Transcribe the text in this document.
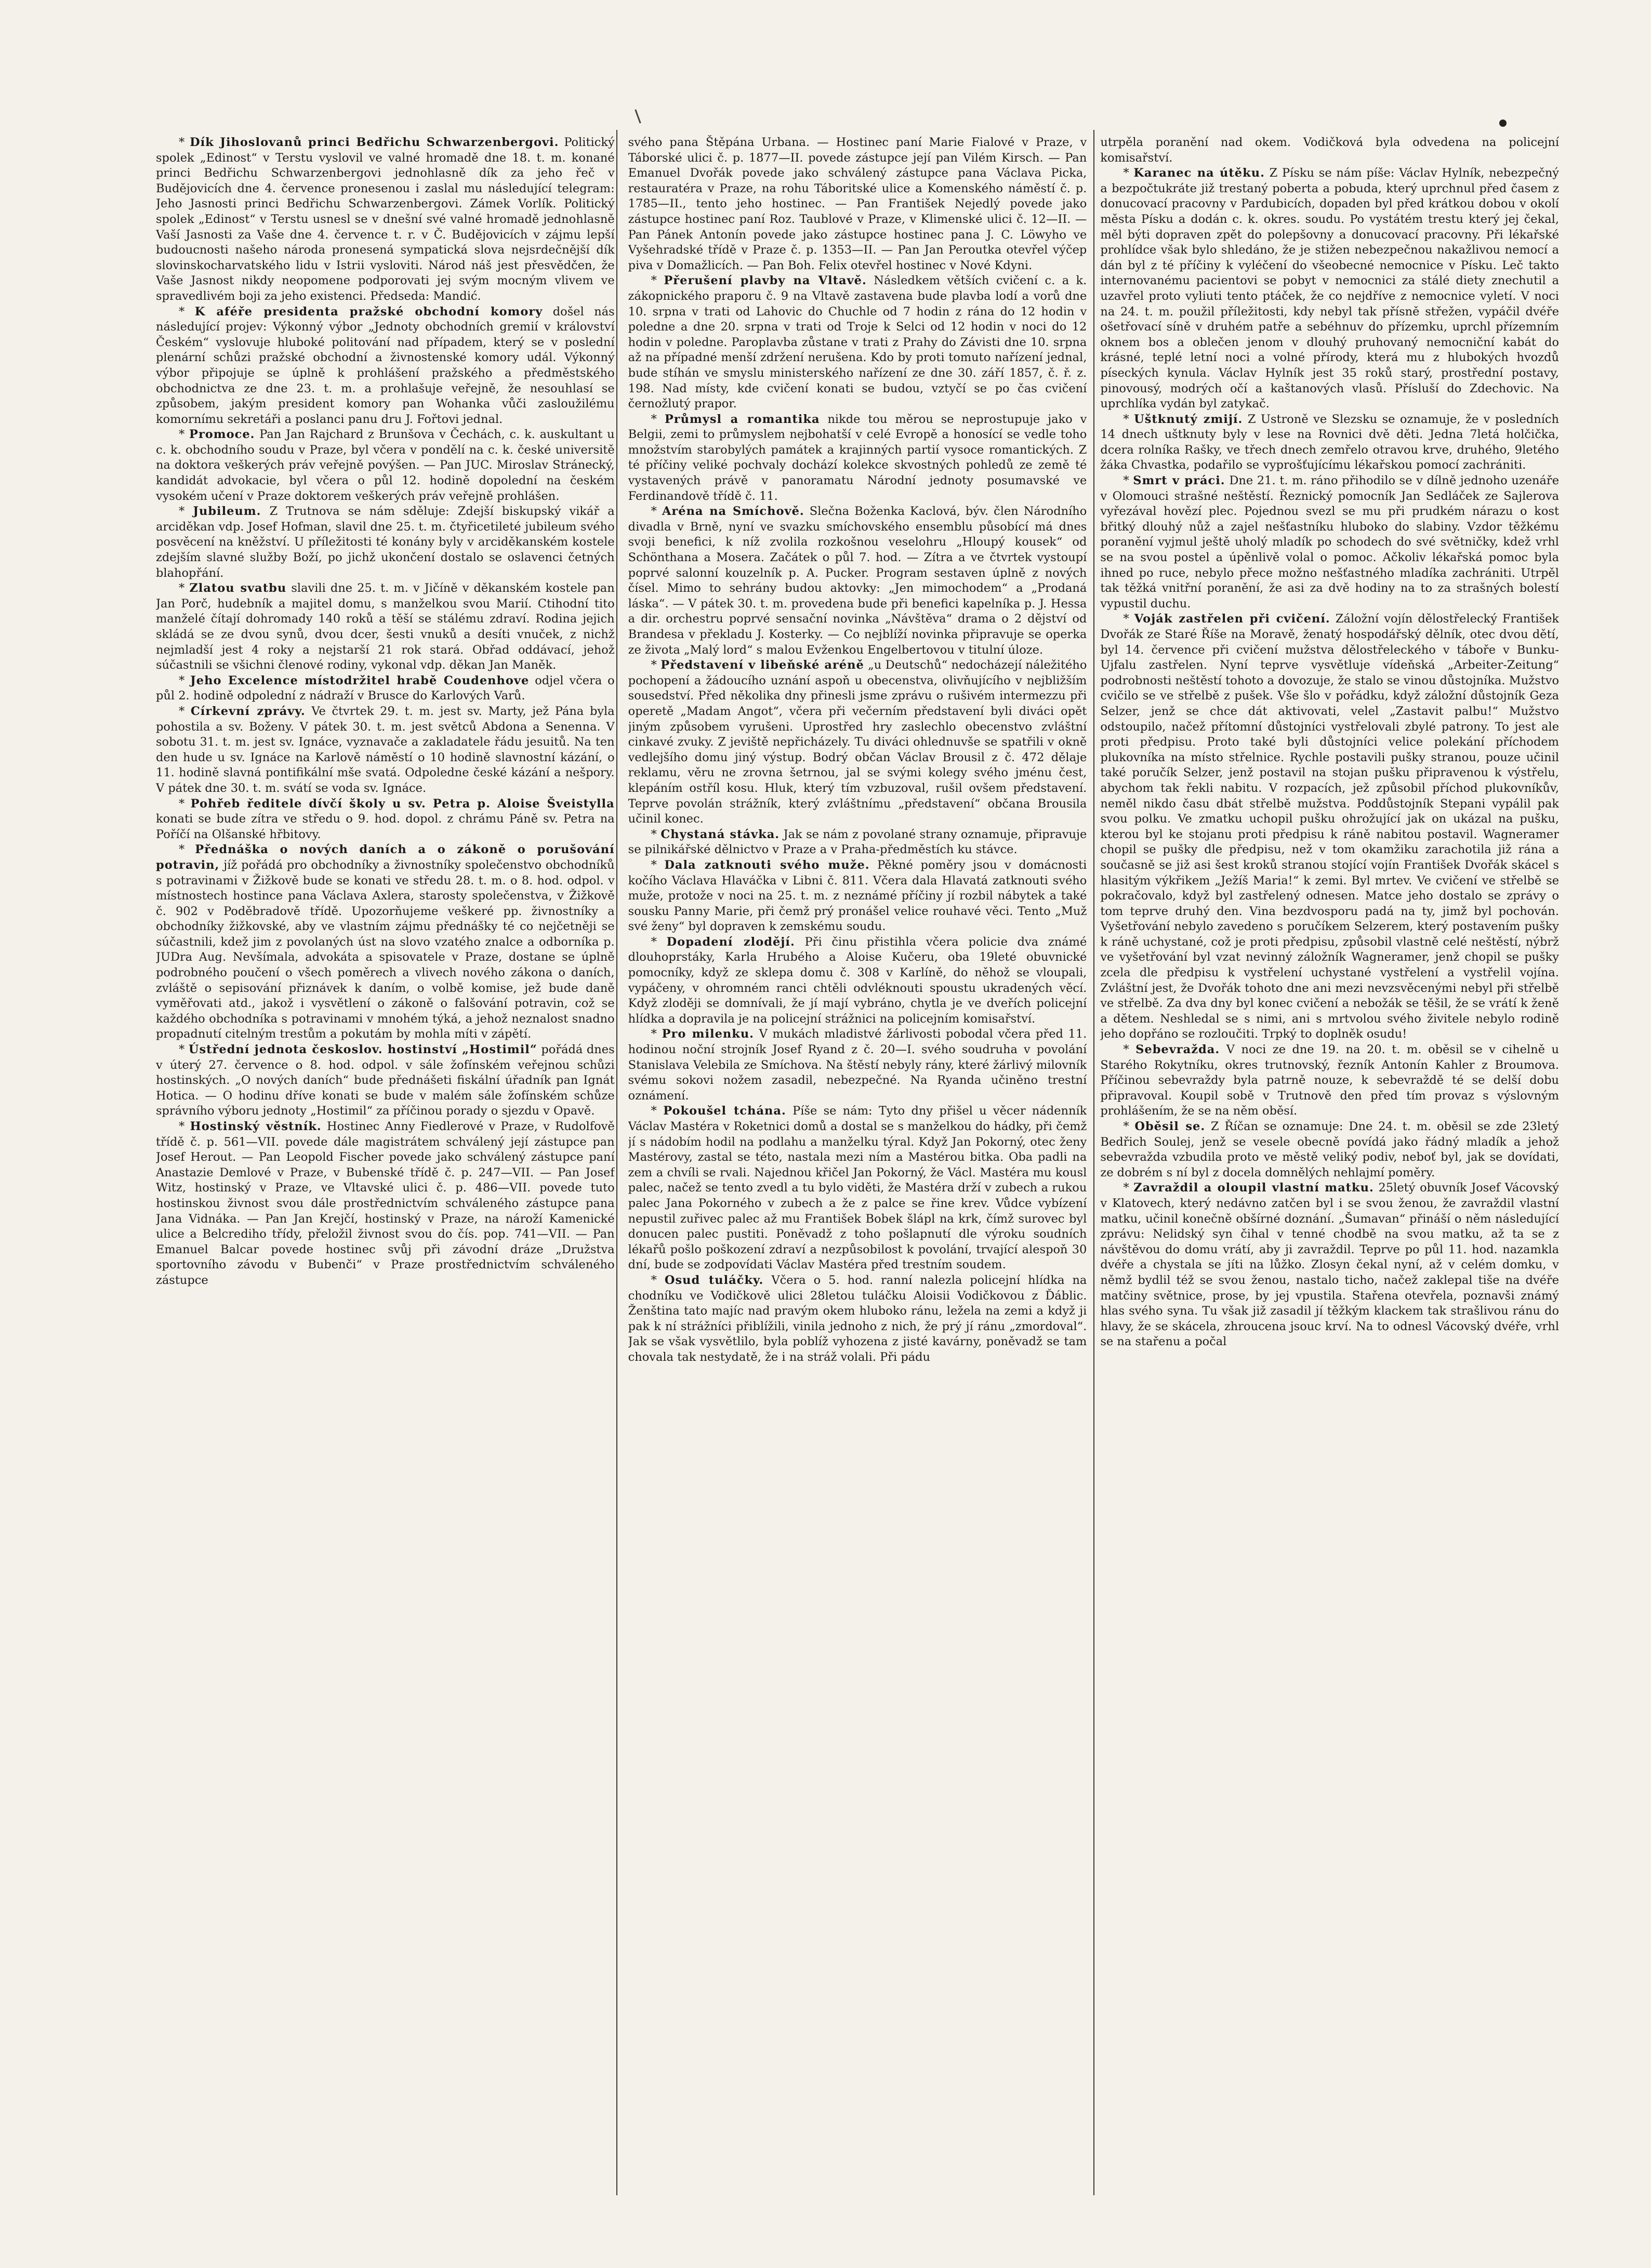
* Dík Jihoslovanů princi Bedřichu Schwarzenbergovi. Politický spolek „Edinost“ v Terstu vyslovil ve valné hromadě dne 18. t. m. konané princi Bedřichu Schwarzenbergovi jednohlasně dík za jeho řeč v Budějovicích dne 4. července pronesenou i zaslal mu následující telegram: Jeho Jasnosti princi Bedřichu Schwarzenbergovi. Zámek Vorlík. Politický spolek „Edinost“ v Terstu usnesl se v dnešní své valné hromadě jednohlasně Vaší Jasnosti za Vaše dne 4. července t. r. v Č. Budějovicích v zájmu lepší budoucnosti našeho národa pronesená sympatická slova nejsrdečnější dík slovinskocharvatského lidu v Istrii vysloviti. Národ náš jest přesvědčen, že Vaše Jasnost nikdy neopomene podporovati jej svým mocným vlivem ve spravedlivém boji za jeho existenci. Předseda: Mandić.

* K aféře presidenta pražské obchodní komory došel nás následující projev: Výkonný výbor „Jednoty obchodních gremií v království Českém“ vyslovuje hluboké politování nad případem, který se v poslední plenární schůzi pražské obchodní a živnostenské komory udál. Výkonný výbor připojuje se úplně k prohlášení pražského a předměstského obchodnictva ze dne 23. t. m. a prohlašuje veřejně, že nesouhlasí se způsobem, jakým president komory pan Wohanka vůči zasloužilému komornímu sekretáři a poslanci panu dru J. Fořtovi jednal.

* Promoce. Pan Jan Rajchard z Brunšova v Čechách, c. k. auskultant u c. k. obchodního soudu v Praze, byl včera v pondělí na c. k. české universitě na doktora veškerých práv veřejně povýšen. — Pan JUC. Miroslav Stránecký, kandidát advokacie, byl včera o půl 12. hodině dopolední na českém vysokém učení v Praze doktorem veškerých práv veřejně prohlášen.

* Jubileum. Z Trutnova se nám sděluje: Zdejší biskupský vikář a arciděkan vdp. Josef Hofman, slavil dne 25. t. m. čtyřicetileté jubileum svého posvěcení na kněžství. U příležitosti té konány byly v arciděkanském kostele zdejším slavné služby Boží, po jichž ukončení dostalo se oslavenci četných blahopřání.

* Zlatou svatbu slavili dne 25. t. m. v Jičíně v děkanském kostele pan Jan Porč, hudebník a majitel domu, s manželkou svou Marií. Ctihodní tito manželé čítají dohromady 140 roků a těší se stálému zdraví. Rodina jejich skládá se ze dvou synů, dvou dcer, šesti vnuků a desíti vnuček, z nichž nejmladší jest 4 roky a nejstarší 21 rok stará. Obřad oddávací, jehož súčastnili se všichni členové rodiny, vykonal vdp. děkan Jan Maněk.

* Jeho Excelence místodržitel hrabě Coudenhove odjel včera o půl 2. hodině odpolední z nádraží v Brusce do Karlových Varů.

* Církevní zprávy. Ve čtvrtek 29. t. m. jest sv. Marty, jež Pána byla pohostila a sv. Boženy. V pátek 30. t. m. jest světců Abdona a Senenna. V sobotu 31. t. m. jest sv. Ignáce, vyznavače a zakladatele řádu jesuitů. Na ten den hude u sv. Ignáce na Karlově náměstí o 10 hodině slavnostní kázání, o 11. hodině slavná pontifikální mše svatá. Odpoledne české kázání a nešpory. V pátek dne 30. t. m. svátí se voda sv. Ignáce.

* Pohřeb ředitele dívčí školy u sv. Petra p. Aloise Šveistylla konati se bude zítra ve středu o 9. hod. dopol. z chrámu Páně sv. Petra na Poříčí na Olšanské hřbitovy.

* Přednáška o nových daních a o zákoně o porušování potravin, jíž pořádá pro obchodníky a živnostníky společenstvo obchodníků s potravinami v Žižkově bude se konati ve středu 28. t. m. o 8. hod. odpol. v místnostech hostince pana Václava Axlera, starosty společenstva, v Žižkově č. 902 v Poděbradově třídě. Upozorňujeme veškeré pp. živnostníky a obchodníky žižkovské, aby ve vlastním zájmu přednášky té co nejčetněji se súčastnili, kdež jim z povolaných úst na slovo vzatého znalce a odborníka p. JUDra Aug. Nevšímala, advokáta a spisovatele v Praze, dostane se úplně podrobného poučení o všech poměrech a vlivech nového zákona o daních, zvláště o sepisování přiznávek k daním, o volbě komise, jež bude daně vyměřovati atd., jakož i vysvětlení o zákoně o falšování potravin, což se každého obchodníka s potravinami v mnohém týká, a jehož neznalost snadno propadnutí citelným trestům a pokutám by mohla míti v zápětí.

* Ústřední jednota českoslov. hostinství „Hostimil“ pořádá dnes v úterý 27. července o 8. hod. odpol. v sále žofínském veřejnou schůzi hostinských. „O nových daních“ bude přednášeti fiskální úřadník pan Ignát Hotica. — O hodinu dříve konati se bude v malém sále žofínském schůze správního výboru jednoty „Hostimil“ za příčinou porady o sjezdu v Opavě.

* Hostinský věstník. Hostinec Anny Fiedlerové v Praze, v Rudolfově třídě č. p. 561—VII. povede dále magistrátem schválený její zástupce pan Josef Herout. — Pan Leopold Fischer povede jako schválený zástupce paní Anastazie Demlové v Praze, v Bubenské třídě č. p. 247—VII. — Pan Josef Witz, hostinský v Praze, ve Vltavské ulici č. p. 486—VII. povede tuto hostinskou živnost svou dále prostřednictvím schváleného zástupce pana Jana Vidnáka. — Pan Jan Krejčí, hostinský v Praze, na nároží Kamenické ulice a Belcrediho třídy, přeložil živnost svou do čís. pop. 741—VII. — Pan Emanuel Balcar povede hostinec svůj při závodní dráze „Družstva sportovního závodu v Bubenči“ v Praze prostřednictvím schváleného zástupce

svého pana Štěpána Urbana. — Hostinec paní Marie Fialové v Praze, v Táborské ulici č. p. 1877—II. povede zástupce její pan Vilém Kirsch. — Pan Emanuel Dvořák povede jako schválený zástupce pana Václava Picka, restauratéra v Praze, na rohu Táboritské ulice a Komenského náměstí č. p. 1785—II., tento jeho hostinec. — Pan František Nejedlý povede jako zástupce hostinec paní Roz. Taublové v Praze, v Klimenské ulici č. 12—II. — Pan Pánek Antonín povede jako zástupce hostinec pana J. C. Löwyho ve Vyšehradské třídě v Praze č. p. 1353—II. — Pan Jan Peroutka otevřel výčep piva v Domažlicích. — Pan Boh. Felix otevřel hostinec v Nové Kdyni.

* Přerušení plavby na Vltavě. Následkem větších cvičení c. a k. zákopnického praporu č. 9 na Vltavě zastavena bude plavba lodí a vorů dne 10. srpna v trati od Lahovic do Chuchle od 7 hodin z rána do 12 hodin v poledne a dne 20. srpna v trati od Troje k Selci od 12 hodin v noci do 12 hodin v poledne. Paroplavba zůstane v trati z Prahy do Závisti dne 10. srpna až na případné menší zdržení nerušena. Kdo by proti tomuto nařízení jednal, bude stíhán ve smyslu ministerského nařízení ze dne 30. září 1857, č. ř. z. 198. Nad místy, kde cvičení konati se budou, vztyčí se po čas cvičení černožlutý prapor.

* Průmysl a romantika nikde tou měrou se neprostupuje jako v Belgii, zemi to průmyslem nejbohatší v celé Evropě a honosící se vedle toho množstvím starobylých památek a krajinných partií vysoce romantických. Z té příčiny veliké pochvaly dochází kolekce skvostných pohledů ze země té vystavených právě v panoramatu Národní jednoty posumavské ve Ferdinandově třídě č. 11.

* Aréna na Smíchově. Slečna Boženka Kaclová, býv. člen Národního divadla v Brně, nyní ve svazku smíchovského ensemblu působící má dnes svoji benefici, k níž zvolila rozkošnou veselohru „Hloupý kousek“ od Schönthana a Mosera. Začátek o půl 7. hod. — Zítra a ve čtvrtek vystoupí poprvé salonní kouzelník p. A. Pucker. Program sestaven úplně z nových čísel. Mimo to sehrány budou aktovky: „Jen mimochodem“ a „Prodaná láska“. — V pátek 30. t. m. provedena bude při benefici kapelníka p. J. Hessa a dir. orchestru poprvé sensační novinka „Návštěva“ drama o 2 dějství od Brandesa v překladu J. Kosterky. — Co nejblíží novinka připravuje se operka ze života „Malý lord“ s malou Evženkou Engelbertovou v titulní úloze.

* Představení v libeňské aréně „u Deutschů“ nedocházejí náležitého pochopení a žádoucího uznání aspoň u obecenstva, olivňujícího v nejbližším sousedství. Před několika dny přinesli jsme zprávu o rušivém intermezzu při operetě „Madam Angot“, včera při večerním představení byli diváci opět jiným způsobem vyrušeni. Uprostřed hry zaslechlo obecenstvo zvláštní cinkavé zvuky. Z jeviště nepřicházely. Tu diváci ohlednuvše se spatřili v okně vedlejšího domu jiný výstup. Bodrý občan Václav Brousil z č. 472 dělaje reklamu, věru ne zrovna šetrnou, jal se svými kolegy svého jménu čest, klepáním ostříl kosu. Hluk, který tím vzbuzoval, rušil ovšem představení. Teprve povolán strážník, který zvláštnímu „představení“ občana Brousila učinil konec.

* Chystaná stávka. Jak se nám z povolané strany oznamuje, připravuje se pilnikářské dělnictvo v Praze a v Praha-předměstích ku stávce.

* Dala zatknouti svého muže. Pěkné poměry jsou v domácnosti kočího Václava Hlaváčka v Libni č. 811. Včera dala Hlavatá zatknouti svého muže, protože v noci na 25. t. m. z neznámé příčiny jí rozbil nábytek a také sousku Panny Marie, při čemž prý pronášel velice rouhavé věci. Tento „Muž své ženy“ byl dopraven k zemskému soudu.

* Dopadení zlodějí. Při činu přistihla včera policie dva známé dlouhoprstáky, Karla Hrubého a Aloise Kučeru, oba 19leté obuvnické pomocníky, když ze sklepa domu č. 308 v Karlíně, do něhož se vloupali, vypáčeny, v ohromném ranci chtěli odvléknouti spoustu ukradených věcí. Když zloději se domnívali, že jí mají vybráno, chytla je ve dveřích policejní hlídka a dopravila je na policejní strážnici na policejním komisařství.

* Pro milenku. V mukách mladistvé žárlivosti pobodal včera před 11. hodinou noční strojník Josef Ryand z č. 20—I. svého soudruha v povolání Stanislava Velebila ze Smíchova. Na štěstí nebyly rány, které žárlivý milovník svému sokovi nožem zasadil, nebezpečné. Na Ryanda učiněno trestní oznámení.

* Pokoušel tchána. Píše se nám: Tyto dny přišel u věcer nádenník Václav Mastéra v Roketnici domů a dostal se s manželkou do hádky, při čemž jí s nádobím hodil na podlahu a manželku týral. Když Jan Pokorný, otec ženy Mastérovy, zastal se této, nastala mezi ním a Mastérou bitka. Oba padli na zem a chvíli se rvali. Najednou křičel Jan Pokorný, že Václ. Mastéra mu kousl palec, načež se tento zvedl a tu bylo viděti, že Mastéra drží v zubech a rukou palec Jana Pokorného v zubech a že z palce se řine krev. Vůdce vybízení nepustil zuřivec palec až mu František Bobek šlápl na krk, čímž surovec byl donucen palec pustiti. Poněvadž z toho pošlapnutí dle výroku soudních lékařů pošlo poškození zdraví a nezpůsobilost k povolání, trvající alespoň 30 dní, bude se zodpovídati Václav Mastéra před trestním soudem.

* Osud tuláčky. Včera o 5. hod. ranní nalezla policejní hlídka na chodníku ve Vodičkově ulici 28letou tuláčku Aloisii Vodičkovou z Ďáblic. Ženština tato majíc nad pravým okem hluboko ránu, ležela na zemi a když ji pak k ní strážníci přiblížili, vinila jednoho z nich, že prý jí ránu „zmordoval“. Jak se však vysvětlilo, byla poblíž vyhozena z jisté kavárny, poněvadž se tam chovala tak nestydatě, že i na stráž volali. Při pádu

utrpěla poranění nad okem. Vodičková byla odvedena na policejní komisařství.

* Karanec na útěku. Z Písku se nám píše: Václav Hylník, nebezpečný a bezpočtukráte již trestaný poberta a pobuda, který uprchnul před časem z donucovací pracovny v Pardubicích, dopaden byl před krátkou dobou v okolí města Písku a dodán c. k. okres. soudu. Po vystátém trestu který jej čekal, měl býti dopraven zpět do polepšovny a donucovací pracovny. Při lékařské prohlídce však bylo shledáno, že je stižen nebezpečnou nakažlivou nemocí a dán byl z té příčiny k vyléčení do všeobecné nemocnice v Písku. Leč takto internovanému pacientovi se pobyt v nemocnici za stálé diety znechutil a uzavřel proto vyliuti tento ptáček, že co nejdříve z nemocnice vyletí. V noci na 24. t. m. použil příležitosti, kdy nebyl tak přísně střežen, vypáčil dvéře ošetřovací síně v druhém patře a sebéhnuv do přízemku, uprchl přízemním oknem bos a oblečen jenom v dlouhý pruhovaný nemocniční kabát do krásné, teplé letní noci a volné přírody, která mu z hlubokých hvozdů píseckých kynula. Václav Hylník jest 35 roků starý, prostřední postavy, pinovousý, modrých očí a kaštanových vlasů. Přísluší do Zdechovic. Na uprchlíka vydán byl zatykač.

* Uštknutý zmijí. Z Ustroně ve Slezsku se oznamuje, že v posledních 14 dnech uštknuty byly v lese na Rovnici dvě děti. Jedna 7letá holčička, dcera rolníka Rašky, ve třech dnech zemřelo otravou krve, druhého, 9letého žáka Chvastka, podařilo se vyprošťujícímu lékařskou pomocí zachrániti.

* Smrt v práci. Dne 21. t. m. ráno přihodilo se v dílně jednoho uzenáře v Olomouci strašné neštěstí. Řeznický pomocník Jan Sedláček ze Sajlerova vyřezával hovězí plec. Pojednou svezl se mu při prudkém nárazu o kost břitký dlouhý nůž a zajel nešťastníku hluboko do slabiny. Vzdor těžkému poranění vyjmul ještě uholý mladík po schodech do své světničky, kdež vrhl se na svou postel a úpěnlivě volal o pomoc. Ačkoliv lékařská pomoc byla ihned po ruce, nebylo přece možno nešťastného mladíka zachrániti. Utrpěl tak těžká vnitřní poranění, že asi za dvě hodiny na to za strašných bolestí vypustil duchu.

* Voják zastřelen při cvičení. Záložní vojín dělostřelecký František Dvořák ze Staré Říše na Moravě, ženatý hospodářský dělník, otec dvou dětí, byl 14. července při cvičení mužstva dělostřeleckého v táboře v Bunku-Ujfalu zastřelen. Nyní teprve vysvětluje vídeňská „Arbeiter-Zeitung“ podrobnosti neštěstí tohoto a dovozuje, že stalo se vinou důstojníka. Mužstvo cvičilo se ve střelbě z pušek. Vše šlo v pořádku, když záložní důstojník Geza Selzer, jenž se chce dát aktivovati, velel „Zastavit palbu!“ Mužstvo odstoupilo, načež přítomní důstojníci vystřelovali zbylé patrony. To jest ale proti předpisu. Proto také byli důstojníci velice polekání příchodem plukovníka na místo střelnice. Rychle postavili pušky stranou, pouze učinil také poručík Selzer, jenž postavil na stojan pušku připravenou k výstřelu, abychom tak řekli nabitu. V rozpacích, jež způsobil příchod plukovníkův, neměl nikdo času dbát střelbě mužstva. Poddůstojník Stepani vypálil pak svou polku. Ve zmatku uchopil pušku ohrožující jak on ukázal na pušku, kterou byl ke stojanu proti předpisu k ráně nabitou postavil. Wagneramer chopil se pušky dle předpisu, než v tom okamžiku zarachotila již rána a současně se již asi šest kroků stranou stojící vojín František Dvořák skácel s hlasitým výkřikem „Ježíš Maria!“ k zemi. Byl mrtev. Ve cvičení ve střelbě se pokračovalo, když byl zastřelený odnesen. Matce jeho dostalo se zprávy o tom teprve druhý den. Vina bezdvosporu padá na ty, jimž byl pochován. Vyšetřování nebylo zavedeno s poručíkem Selzerem, který postavením pušky k ráně uchystané, což je proti předpisu, způsobil vlastně celé neštěstí, nýbrž ve vyšetřování byl vzat nevinný záložník Wagneramer, jenž chopil se pušky zcela dle předpisu k vystřelení uchystané vystřelení a vystřelil vojína. Zvláštní jest, že Dvořák tohoto dne ani mezi nevzsvěcenými nebyl při střelbě ve střelbě. Za dva dny byl konec cvičení a nebožák se těšil, že se vrátí k ženě a dětem. Neshledal se s nimi, ani s mrtvolou svého živitele nebylo rodině jeho dopřáno se rozloučiti. Trpký to doplněk osudu!

* Sebevražda. V noci ze dne 19. na 20. t. m. oběsil se v cihelně u Starého Rokytníku, okres trutnovský, řezník Antonín Kahler z Broumova. Příčinou sebevraždy byla patrně nouze, k sebevraždě té se delší dobu připravoval. Koupil sobě v Trutnově den před tím provaz s výslovným prohlášením, že se na něm oběsí.

* Oběsil se. Z Říčan se oznamuje: Dne 24. t. m. oběsil se zde 23letý Bedřich Soulej, jenž se vesele obecně povídá jako řádný mladík a jehož sebevražda vzbudila proto ve městě veliký podiv, neboť byl, jak se dovídati, ze dobrém s ní byl z docela domnělých nehlajmí poměry.

* Zavraždil a oloupil vlastní matku. 25letý obuvník Josef Vácovský v Klatovech, který nedávno zatčen byl i se svou ženou, že zavraždil vlastní matku, učinil konečně obšírné doznání. „Šumavan“ přináší o něm následující zprávu: Nelidský syn čihal v tenné chodbě na svou matku, až ta se z návštěvou do domu vrátí, aby ji zavraždil. Teprve po půl 11. hod. nazamkla dvéře a chystala se jíti na lůžko. Zlosyn čekal nyní, až v celém domku, v němž bydlil též se svou ženou, nastalo ticho, načež zaklepal tiše na dvéře matčiny světnice, prose, by jej vpustila. Stařena otevřela, poznavši známý hlas svého syna. Tu však již zasadil jí těžkým klackem tak strašlivou ránu do hlavy, že se skácela, zhroucena jsouc krví. Na to odnesl Vácovský dvéře, vrhl se na stařenu a počal
